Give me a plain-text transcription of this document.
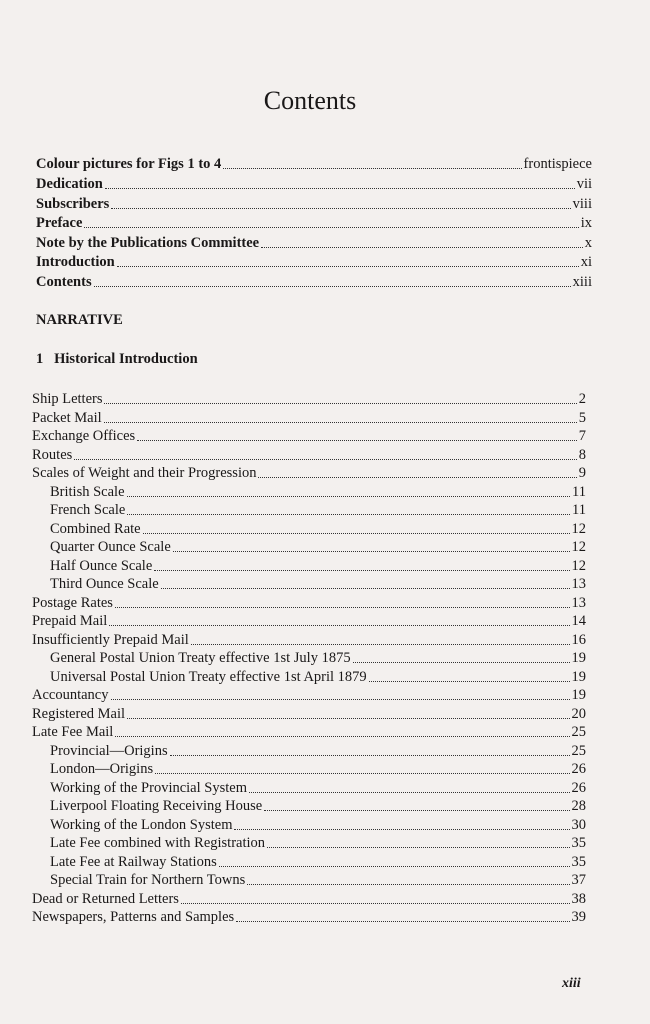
Contents
Colour pictures for Figs 1 to 4	frontispiece
Dedication	vii
Subscribers	viii
Preface	ix
Note by the Publications Committee	x
Introduction	xi
Contents	xiii
NARRATIVE
1   Historical Introduction
Ship Letters	2
Packet Mail	5
Exchange Offices	7
Routes	8
Scales of Weight and their Progression	9
British Scale	11
French Scale	11
Combined Rate	12
Quarter Ounce Scale	12
Half Ounce Scale	12
Third Ounce Scale	13
Postage Rates	13
Prepaid Mail	14
Insufficiently Prepaid Mail	16
General Postal Union Treaty effective 1st July 1875	19
Universal Postal Union Treaty effective 1st April 1879	19
Accountancy	19
Registered Mail	20
Late Fee Mail	25
Provincial—Origins	25
London—Origins	26
Working of the Provincial System	26
Liverpool Floating Receiving House	28
Working of the London System	30
Late Fee combined with Registration	35
Late Fee at Railway Stations	35
Special Train for Northern Towns	37
Dead or Returned Letters	38
Newspapers, Patterns and Samples	39
xiii
